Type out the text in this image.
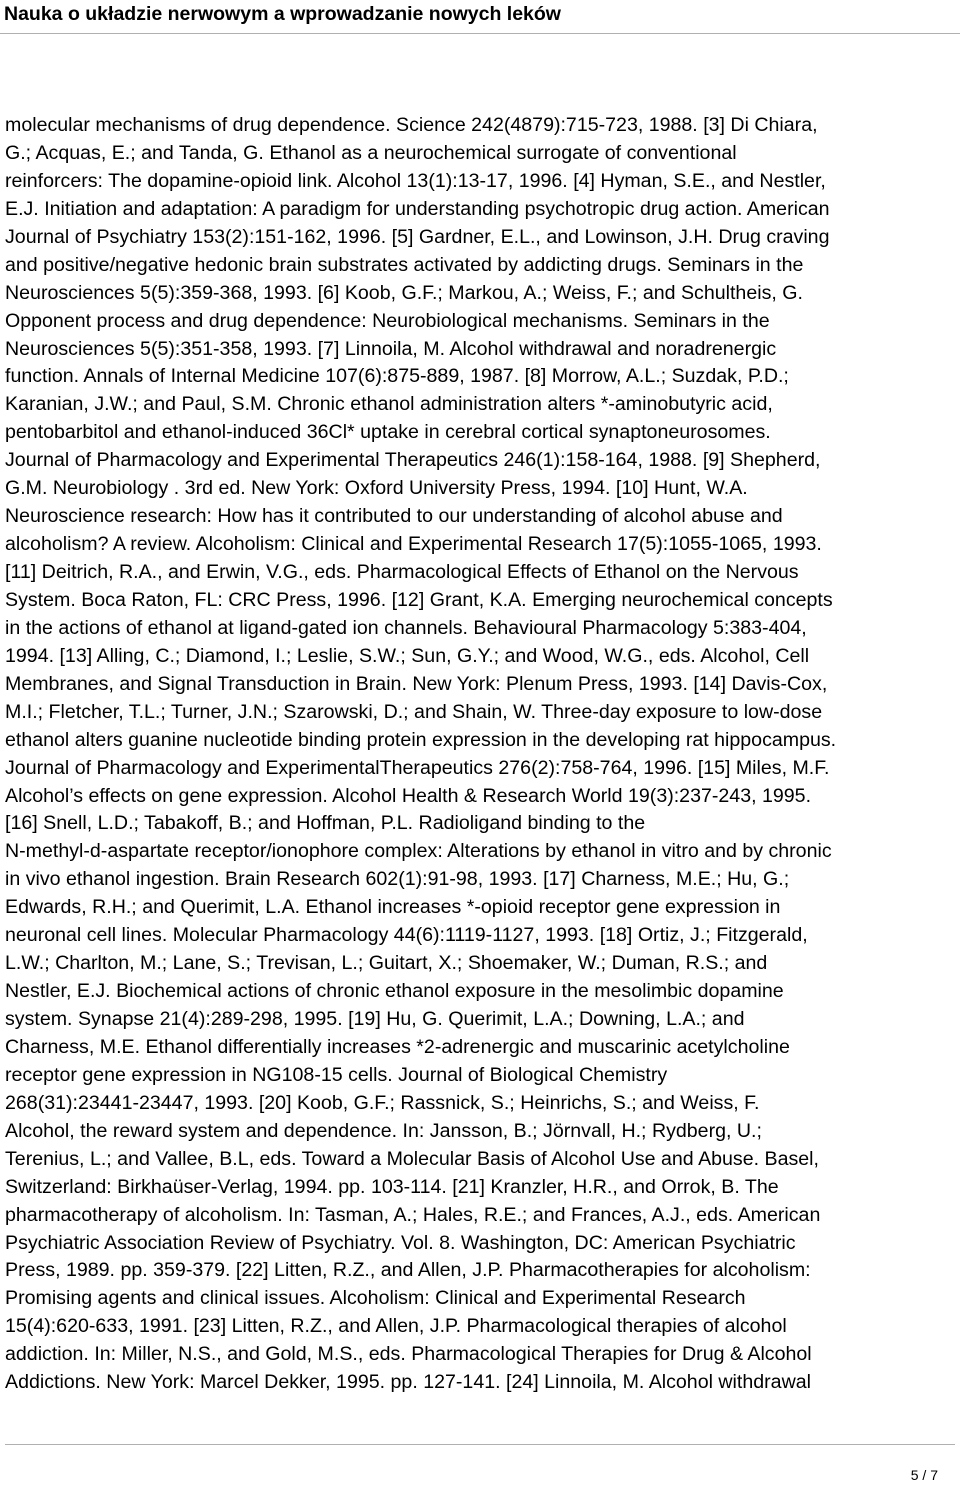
Nauka o układzie nerwowym a wprowadzanie nowych leków
molecular mechanisms of drug dependence. Science 242(4879):715-723, 1988. [3] Di Chiara,
G.; Acquas, E.; and Tanda, G. Ethanol as a neurochemical surrogate of conventional
reinforcers: The dopamine-opioid link. Alcohol 13(1):13-17, 1996. [4] Hyman, S.E., and Nestler,
E.J. Initiation and adaptation: A paradigm for understanding psychotropic drug action. American
Journal of Psychiatry 153(2):151-162, 1996. [5] Gardner, E.L., and Lowinson, J.H. Drug craving
and positive/negative hedonic brain substrates activated by addicting drugs. Seminars in the
Neurosciences 5(5):359-368, 1993. [6] Koob, G.F.; Markou, A.; Weiss, F.; and Schultheis, G.
Opponent process and drug dependence: Neurobiological mechanisms. Seminars in the
Neurosciences 5(5):351-358, 1993. [7] Linnoila, M. Alcohol withdrawal and noradrenergic
function. Annals of Internal Medicine 107(6):875-889, 1987. [8] Morrow, A.L.; Suzdak, P.D.;
Karanian, J.W.; and Paul, S.M. Chronic ethanol administration alters *-aminobutyric acid,
pentobarbitol and ethanol-induced 36Cl* uptake in cerebral cortical synaptoneurosomes.
Journal of Pharmacology and Experimental Therapeutics 246(1):158-164, 1988. [9] Shepherd,
G.M. Neurobiology . 3rd ed. New York: Oxford University Press, 1994. [10] Hunt, W.A.
Neuroscience research: How has it contributed to our understanding of alcohol abuse and
alcoholism? A review. Alcoholism: Clinical and Experimental Research 17(5):1055-1065, 1993.
[11] Deitrich, R.A., and Erwin, V.G., eds. Pharmacological Effects of Ethanol on the Nervous
System. Boca Raton, FL: CRC Press, 1996. [12] Grant, K.A. Emerging neurochemical concepts
in the actions of ethanol at ligand-gated ion channels. Behavioural Pharmacology 5:383-404,
1994. [13] Alling, C.; Diamond, I.; Leslie, S.W.; Sun, G.Y.; and Wood, W.G., eds. Alcohol, Cell
Membranes, and Signal Transduction in Brain. New York: Plenum Press, 1993. [14] Davis-Cox,
M.I.; Fletcher, T.L.; Turner, J.N.; Szarowski, D.; and Shain, W. Three-day exposure to low-dose
ethanol alters guanine nucleotide binding protein expression in the developing rat hippocampus.
Journal of Pharmacology and ExperimentalTherapeutics 276(2):758-764, 1996. [15] Miles, M.F.
Alcohol’s effects on gene expression. Alcohol Health & Research World 19(3):237-243, 1995.
[16] Snell, L.D.; Tabakoff, B.; and Hoffman, P.L. Radioligand binding to the
N-methyl-d-aspartate receptor/ionophore complex: Alterations by ethanol in vitro and by chronic
in vivo ethanol ingestion. Brain Research 602(1):91-98, 1993. [17] Charness, M.E.; Hu, G.;
Edwards, R.H.; and Querimit, L.A. Ethanol increases *-opioid receptor gene expression in
neuronal cell lines. Molecular Pharmacology 44(6):1119-1127, 1993. [18] Ortiz, J.; Fitzgerald,
L.W.; Charlton, M.; Lane, S.; Trevisan, L.; Guitart, X.; Shoemaker, W.; Duman, R.S.; and
Nestler, E.J. Biochemical actions of chronic ethanol exposure in the mesolimbic dopamine
system. Synapse 21(4):289-298, 1995. [19] Hu, G. Querimit, L.A.; Downing, L.A.; and
Charness, M.E. Ethanol differentially increases *2-adrenergic and muscarinic acetylcholine
receptor gene expression in NG108-15 cells. Journal of Biological Chemistry
268(31):23441-23447, 1993. [20] Koob, G.F.; Rassnick, S.; Heinrichs, S.; and Weiss, F.
Alcohol, the reward system and dependence. In: Jansson, B.; Jörnvall, H.; Rydberg, U.;
Terenius, L.; and Vallee, B.L, eds. Toward a Molecular Basis of Alcohol Use and Abuse. Basel,
Switzerland: Birkhaüser-Verlag, 1994. pp. 103-114. [21] Kranzler, H.R., and Orrok, B. The
pharmacotherapy of alcoholism. In: Tasman, A.; Hales, R.E.; and Frances, A.J., eds. American
Psychiatric Association Review of Psychiatry. Vol. 8. Washington, DC: American Psychiatric
Press, 1989. pp. 359-379. [22] Litten, R.Z., and Allen, J.P. Pharmacotherapies for alcoholism:
Promising agents and clinical issues. Alcoholism: Clinical and Experimental Research
15(4):620-633, 1991. [23] Litten, R.Z., and Allen, J.P. Pharmacological therapies of alcohol
addiction. In: Miller, N.S., and Gold, M.S., eds. Pharmacological Therapies for Drug & Alcohol
Addictions. New York: Marcel Dekker, 1995. pp. 127-141. [24] Linnoila, M. Alcohol withdrawal
5 / 7
